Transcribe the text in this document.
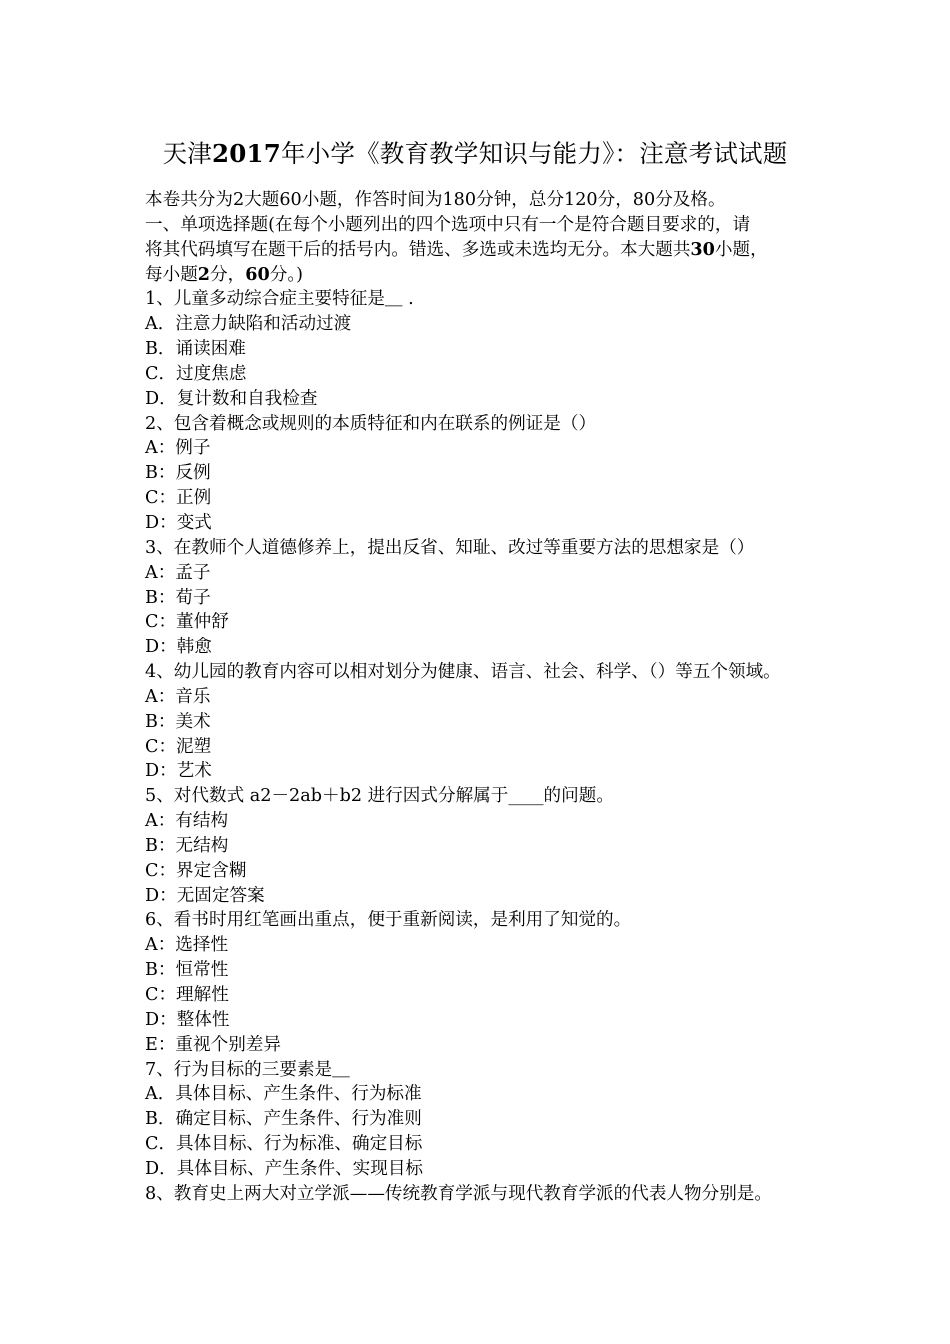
天津2017年小学《教育教学知识与能力》：注意考试试题
本卷共分为2大题60小题，作答时间为180分钟，总分120分，80分及格。
一、单项选择题(在每个小题列出的四个选项中只有一个是符合题目要求的，请
将其代码填写在题干后的括号内。错选、多选或未选均无分。本大题共30小题，
每小题2分，60分。)
1、儿童多动综合症主要特征是＿ .
A．注意力缺陷和活动过渡
B．诵读困难
C．过度焦虑
D．复计数和自我检查
2、包含着概念或规则的本质特征和内在联系的例证是（）
A：例子
B：反例
C：正例
D：变式
3、在教师个人道德修养上，提出反省、知耻、改过等重要方法的思想家是（）
A：孟子
B：荀子
C：董仲舒
D：韩愈
4、幼儿园的教育内容可以相对划分为健康、语言、社会、科学、（）等五个领域。
A：音乐
B：美术
C：泥塑
D：艺术
5、对代数式 a2－2ab＋b2 进行因式分解属于____的问题。
A：有结构
B：无结构
C：界定含糊
D：无固定答案
6、看书时用红笔画出重点，便于重新阅读，是利用了知觉的。
A：选择性
B：恒常性
C：理解性
D：整体性
E：重视个别差异
7、行为目标的三要素是＿
A．具体目标、产生条件、行为标准
B．确定目标、产生条件、行为准则
C．具体目标、行为标准、确定目标
D．具体目标、产生条件、实现目标
8、教育史上两大对立学派——传统教育学派与现代教育学派的代表人物分别是。
